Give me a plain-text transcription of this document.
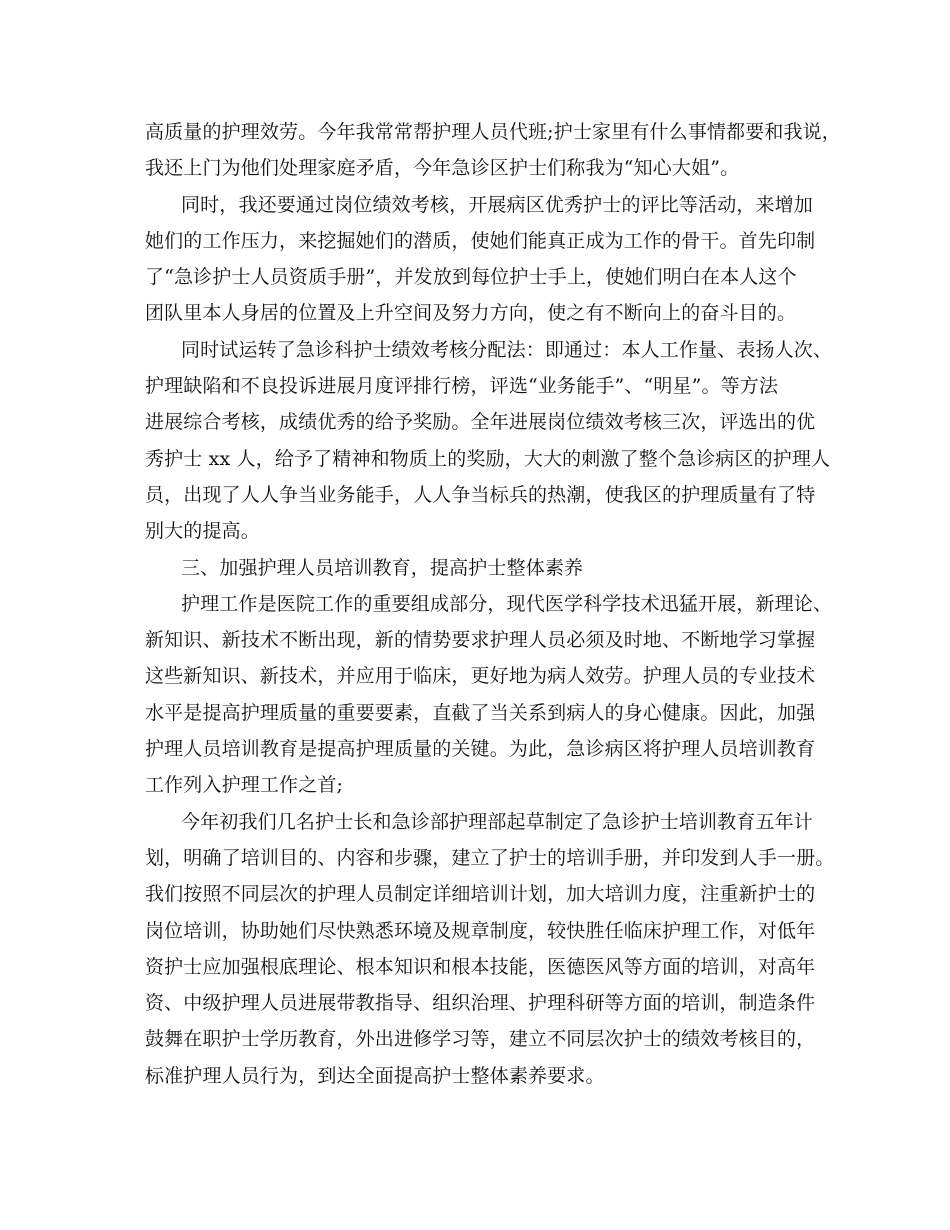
高质量的护理效劳。今年我常常帮护理人员代班;护士家里有什么事情都要和我说，
我还上门为他们处理家庭矛盾，今年急诊区护士们称我为“知心大姐”。
同时，我还要通过岗位绩效考核，开展病区优秀护士的评比等活动，来增加
她们的工作压力，来挖掘她们的潜质，使她们能真正成为工作的骨干。首先印制
了“急诊护士人员资质手册”，并发放到每位护士手上，使她们明白在本人这个
团队里本人身居的位置及上升空间及努力方向，使之有不断向上的奋斗目的。
同时试运转了急诊科护士绩效考核分配法：即通过：本人工作量、表扬人次、
护理缺陷和不良投诉进展月度评排行榜，评选“业务能手”、“明星”。等方法
进展综合考核，成绩优秀的给予奖励。全年进展岗位绩效考核三次，评选出的优
秀护士 xx 人，给予了精神和物质上的奖励，大大的刺激了整个急诊病区的护理人
员，出现了人人争当业务能手，人人争当标兵的热潮，使我区的护理质量有了特
别大的提高。
三、加强护理人员培训教育，提高护士整体素养
护理工作是医院工作的重要组成部分，现代医学科学技术迅猛开展，新理论、
新知识、新技术不断出现，新的情势要求护理人员必须及时地、不断地学习掌握
这些新知识、新技术，并应用于临床，更好地为病人效劳。护理人员的专业技术
水平是提高护理质量的重要要素，直截了当关系到病人的身心健康。因此，加强
护理人员培训教育是提高护理质量的关键。为此，急诊病区将护理人员培训教育
工作列入护理工作之首;
今年初我们几名护士长和急诊部护理部起草制定了急诊护士培训教育五年计
划，明确了培训目的、内容和步骤，建立了护士的培训手册，并印发到人手一册。
我们按照不同层次的护理人员制定详细培训计划，加大培训力度，注重新护士的
岗位培训，协助她们尽快熟悉环境及规章制度，较快胜任临床护理工作，对低年
资护士应加强根底理论、根本知识和根本技能，医德医风等方面的培训，对高年
资、中级护理人员进展带教指导、组织治理、护理科研等方面的培训，制造条件
鼓舞在职护士学历教育，外出进修学习等，建立不同层次护士的绩效考核目的，
标准护理人员行为，到达全面提高护士整体素养要求。
